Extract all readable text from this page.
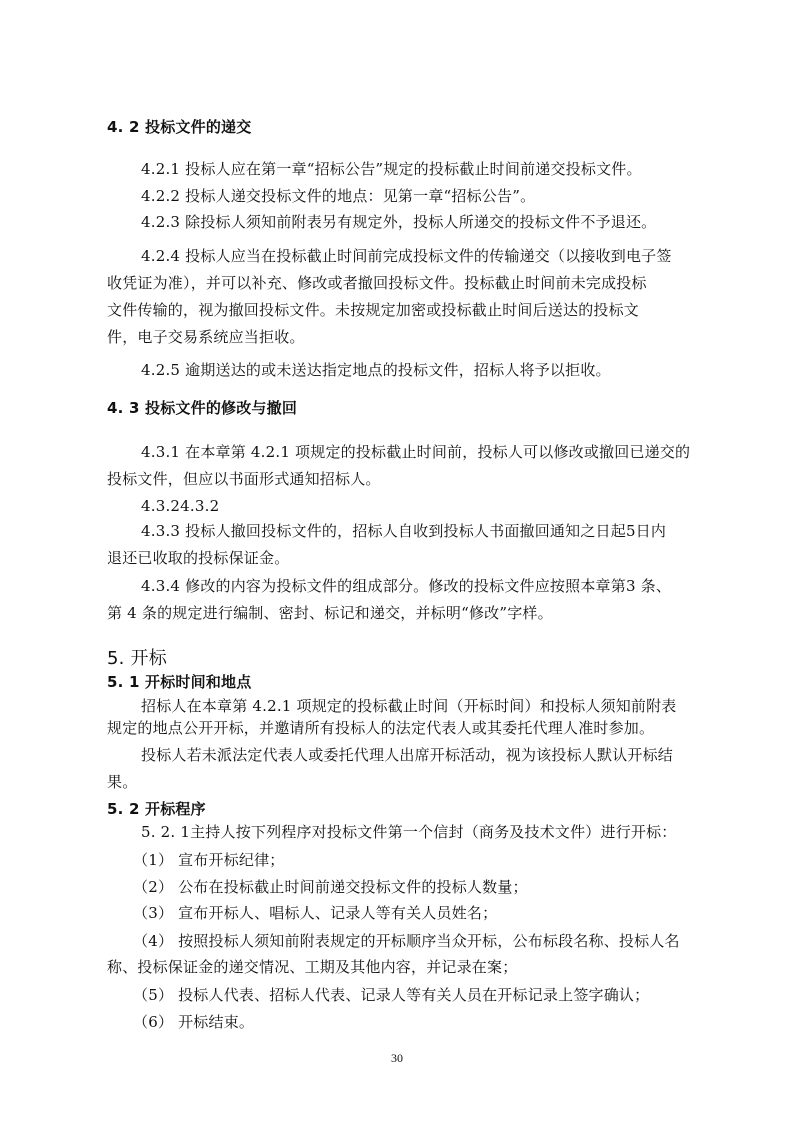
4. 2 投标文件的递交
4.2.1 投标人应在第一章“招标公告”规定的投标截止时间前递交投标文件。
4.2.2 投标人递交投标文件的地点：见第一章“招标公告”。
4.2.3 除投标人须知前附表另有规定外，投标人所递交的投标文件不予退还。
4.2.4 投标人应当在投标截止时间前完成投标文件的传输递交（以接收到电子签
收凭证为准），并可以补充、修改或者撤回投标文件。投标截止时间前未完成投标
文件传输的，视为撤回投标文件。未按规定加密或投标截止时间后送达的投标文
件，电子交易系统应当拒收。
4.2.5 逾期送达的或未送达指定地点的投标文件，招标人将予以拒收。
4. 3 投标文件的修改与撤回
4.3.1 在本章第 4.2.1 项规定的投标截止时间前，投标人可以修改或撤回已递交的
投标文件，但应以书面形式通知招标人。
4.3.24.3.2
4.3.3 投标人撤回投标文件的，招标人自收到投标人书面撤回通知之日起5日内
退还已收取的投标保证金。
4.3.4 修改的内容为投标文件的组成部分。修改的投标文件应按照本章第3 条、
第 4 条的规定进行编制、密封、标记和递交，并标明“修改”字样。
5. 开标
5. 1 开标时间和地点
招标人在本章第 4.2.1 项规定的投标截止时间（开标时间）和投标人须知前附表
规定的地点公开开标，并邀请所有投标人的法定代表人或其委托代理人准时参加。
投标人若未派法定代表人或委托代理人出席开标活动，视为该投标人默认开标结
果。
5. 2 开标程序
5. 2. 1主持人按下列程序对投标文件第一个信封（商务及技术文件）进行开标：
（1） 宣布开标纪律；
（2） 公布在投标截止时间前递交投标文件的投标人数量；
（3） 宣布开标人、唱标人、记录人等有关人员姓名；
（4） 按照投标人须知前附表规定的开标顺序当众开标，公布标段名称、投标人名
称、投标保证金的递交情况、工期及其他内容，并记录在案；
（5） 投标人代表、招标人代表、记录人等有关人员在开标记录上签字确认；
（6） 开标结束。
30
